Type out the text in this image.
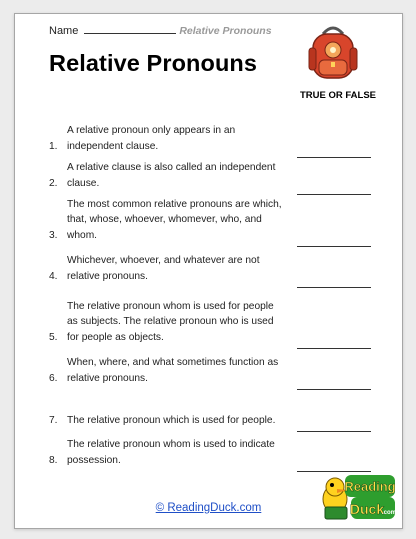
Name	Relative Pronouns
Relative Pronouns
TRUE OR FALSE
1.
A relative pronoun only appears in an independent clause.
2.
A relative clause is also called an independent clause.
3.
The most common relative pronouns are which, that, whose, whoever, whomever, who, and whom.
4.
Whichever, whoever, and whatever are not relative pronouns.
5.
The relative pronoun whom is used for people as subjects. The relative pronoun who is used for people as objects.
6.
When, where, and what sometimes function as relative pronouns.
7. The relative pronoun which is used for people.
8.
The relative pronoun whom is used to indicate possession.
© ReadingDuck.com
Reading
Duck
.com
